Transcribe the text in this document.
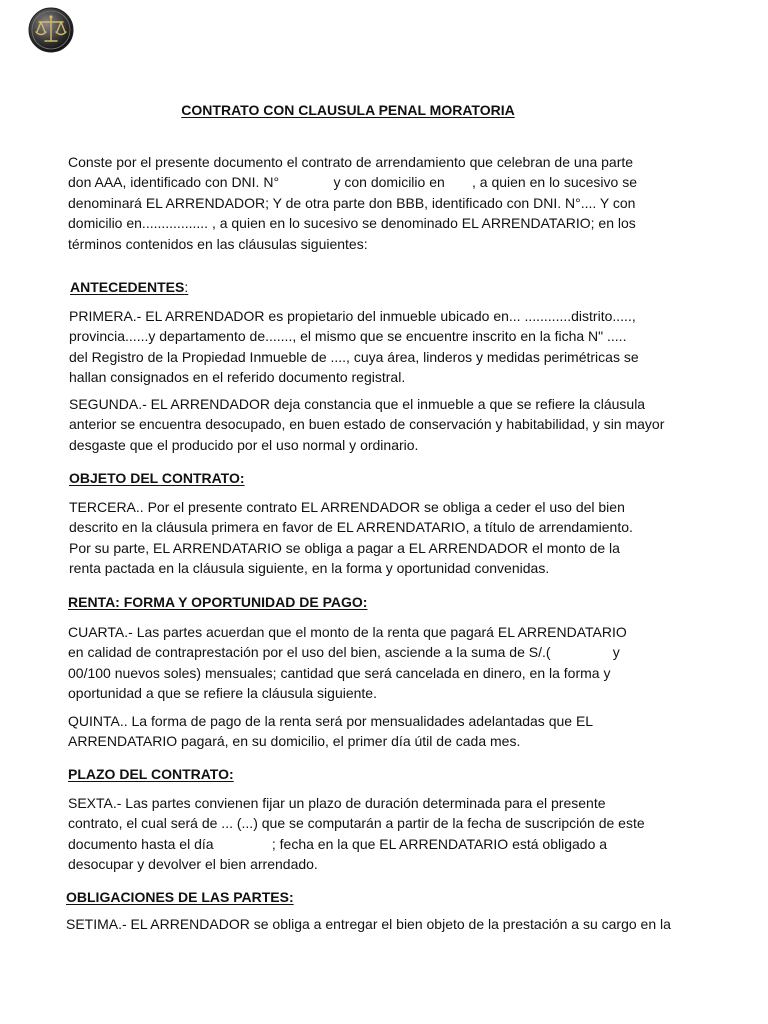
CONTRATO CON CLAUSULA PENAL MORATORIA
Conste por el presente documento el contrato de arrendamiento que celebran de una parte
don AAA, identificado con DNI. N°              y con domicilio en       , a quien en lo sucesivo se
denominará EL ARRENDADOR; Y de otra parte don BBB, identificado con DNI. N°.... Y con
domicilio en................. , a quien en lo sucesivo se denominado EL ARRENDATARIO; en los
términos contenidos en las cláusulas siguientes:
ANTECEDENTES:
PRIMERA.- EL ARRENDADOR es propietario del inmueble ubicado en... ............distrito.....,
provincia......y departamento de......., el mismo que se encuentre inscrito en la ficha N" .....
del Registro de la Propiedad Inmueble de ...., cuya área, linderos y medidas perimétricas se
hallan consignados en el referido documento registral.
SEGUNDA.- EL ARRENDADOR deja constancia que el inmueble a que se refiere la cláusula
anterior se encuentra desocupado, en buen estado de conservación y habitabilidad, y sin mayor
desgaste que el producido por el uso normal y ordinario.
OBJETO DEL CONTRATO:
TERCERA.. Por el presente contrato EL ARRENDADOR se obliga a ceder el uso del bien
descrito en la cláusula primera en favor de EL ARRENDATARIO, a título de arrendamiento.
Por su parte, EL ARRENDATARIO se obliga a pagar a EL ARRENDADOR el monto de la
renta pactada en la cláusula siguiente, en la forma y oportunidad convenidas.
RENTA: FORMA Y OPORTUNIDAD DE PAGO:
CUARTA.- Las partes acuerdan que el monto de la renta que pagará EL ARRENDATARIO
en calidad de contraprestación por el uso del bien, asciende a la suma de S/.(                y
00/100 nuevos soles) mensuales; cantidad que será cancelada en dinero, en la forma y
oportunidad a que se refiere la cláusula siguiente.
QUINTA.. La forma de pago de la renta será por mensualidades adelantadas que EL
ARRENDATARIO pagará, en su domicilio, el primer día útil de cada mes.
PLAZO DEL CONTRATO:
SEXTA.- Las partes convienen fijar un plazo de duración determinada para el presente
contrato, el cual será de ... (...) que se computarán a partir de la fecha de suscripción de este
documento hasta el día               ; fecha en la que EL ARRENDATARIO está obligado a
desocupar y devolver el bien arrendado.
OBLIGACIONES DE LAS PARTES:
SETIMA.- EL ARRENDADOR se obliga a entregar el bien objeto de la prestación a su cargo en la
